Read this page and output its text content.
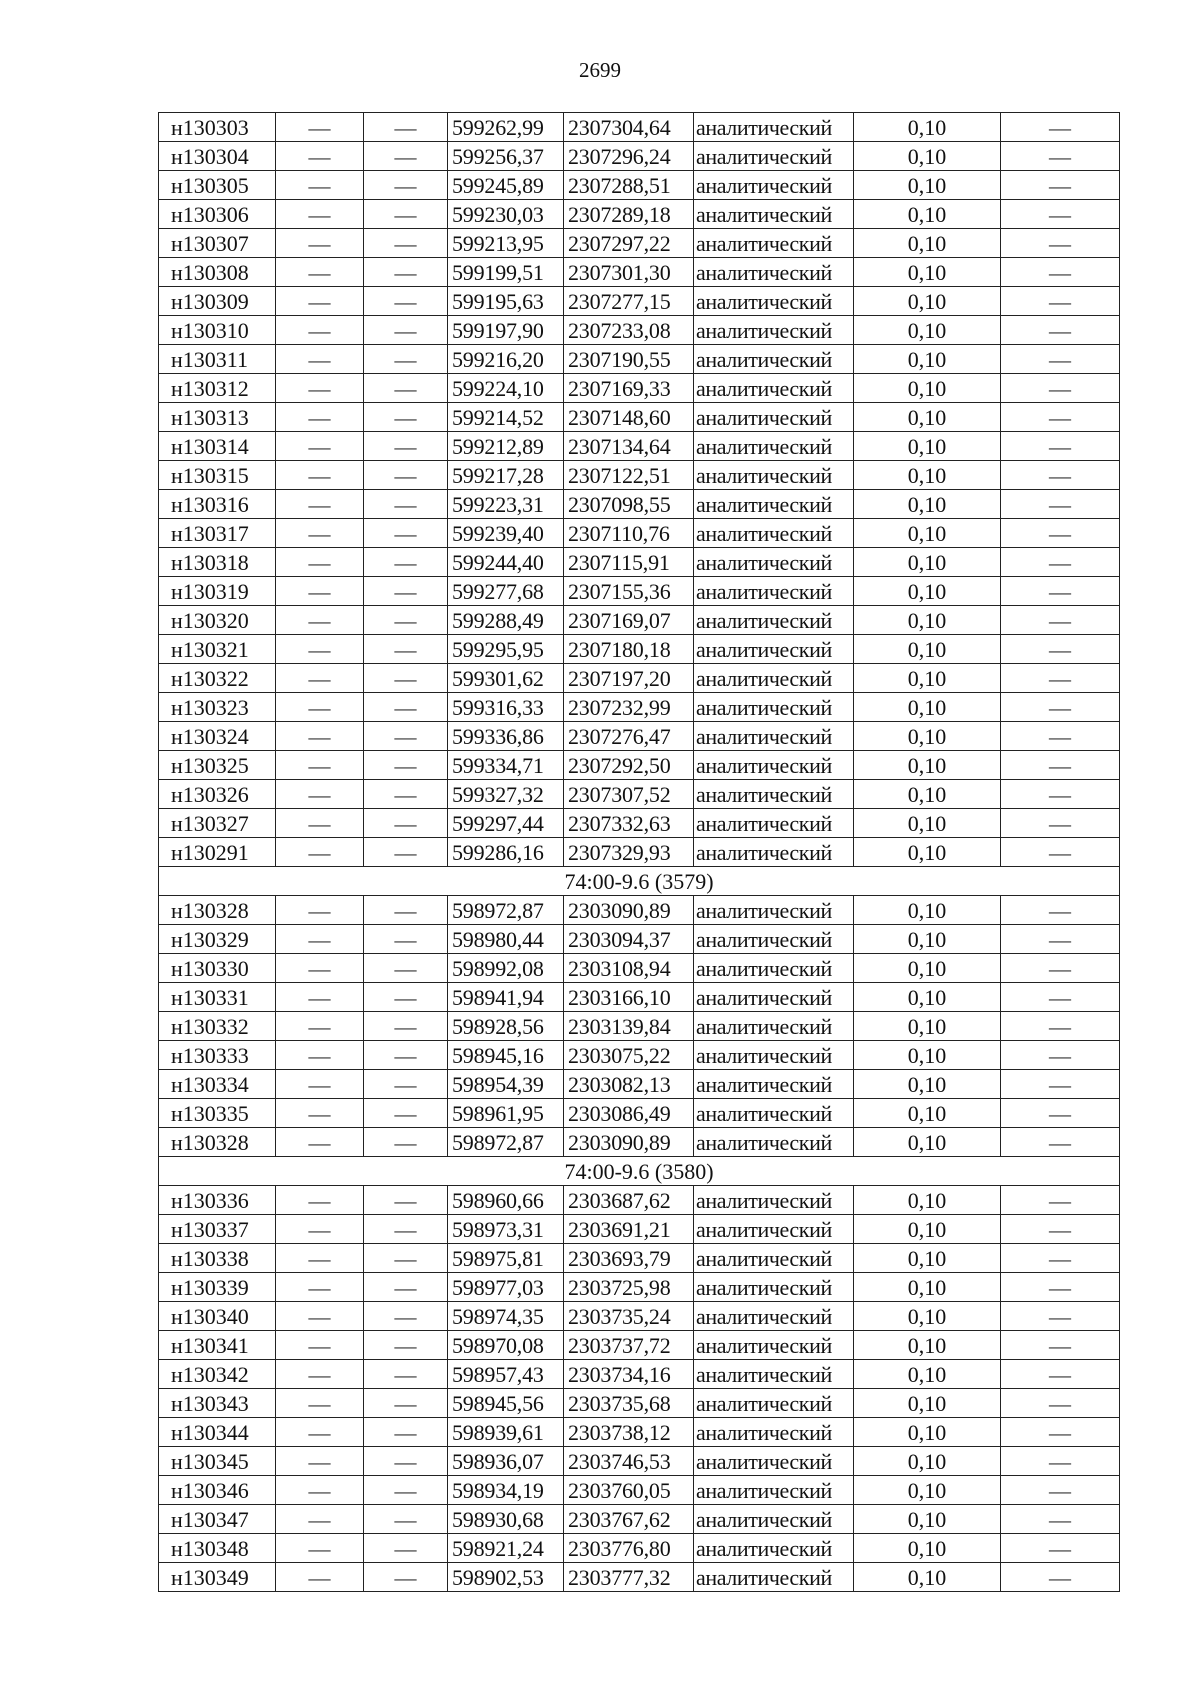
2699
н130303	—	—	599262,99	2307304,64	аналитический	0,10	—
н130304	—	—	599256,37	2307296,24	аналитический	0,10	—
н130305	—	—	599245,89	2307288,51	аналитический	0,10	—
н130306	—	—	599230,03	2307289,18	аналитический	0,10	—
н130307	—	—	599213,95	2307297,22	аналитический	0,10	—
н130308	—	—	599199,51	2307301,30	аналитический	0,10	—
н130309	—	—	599195,63	2307277,15	аналитический	0,10	—
н130310	—	—	599197,90	2307233,08	аналитический	0,10	—
н130311	—	—	599216,20	2307190,55	аналитический	0,10	—
н130312	—	—	599224,10	2307169,33	аналитический	0,10	—
н130313	—	—	599214,52	2307148,60	аналитический	0,10	—
н130314	—	—	599212,89	2307134,64	аналитический	0,10	—
н130315	—	—	599217,28	2307122,51	аналитический	0,10	—
н130316	—	—	599223,31	2307098,55	аналитический	0,10	—
н130317	—	—	599239,40	2307110,76	аналитический	0,10	—
н130318	—	—	599244,40	2307115,91	аналитический	0,10	—
н130319	—	—	599277,68	2307155,36	аналитический	0,10	—
н130320	—	—	599288,49	2307169,07	аналитический	0,10	—
н130321	—	—	599295,95	2307180,18	аналитический	0,10	—
н130322	—	—	599301,62	2307197,20	аналитический	0,10	—
н130323	—	—	599316,33	2307232,99	аналитический	0,10	—
н130324	—	—	599336,86	2307276,47	аналитический	0,10	—
н130325	—	—	599334,71	2307292,50	аналитический	0,10	—
н130326	—	—	599327,32	2307307,52	аналитический	0,10	—
н130327	—	—	599297,44	2307332,63	аналитический	0,10	—
н130291	—	—	599286,16	2307329,93	аналитический	0,10	—
74:00-9.6 (3579)							
н130328	—	—	598972,87	2303090,89	аналитический	0,10	—
н130329	—	—	598980,44	2303094,37	аналитический	0,10	—
н130330	—	—	598992,08	2303108,94	аналитический	0,10	—
н130331	—	—	598941,94	2303166,10	аналитический	0,10	—
н130332	—	—	598928,56	2303139,84	аналитический	0,10	—
н130333	—	—	598945,16	2303075,22	аналитический	0,10	—
н130334	—	—	598954,39	2303082,13	аналитический	0,10	—
н130335	—	—	598961,95	2303086,49	аналитический	0,10	—
н130328	—	—	598972,87	2303090,89	аналитический	0,10	—
74:00-9.6 (3580)							
н130336	—	—	598960,66	2303687,62	аналитический	0,10	—
н130337	—	—	598973,31	2303691,21	аналитический	0,10	—
н130338	—	—	598975,81	2303693,79	аналитический	0,10	—
н130339	—	—	598977,03	2303725,98	аналитический	0,10	—
н130340	—	—	598974,35	2303735,24	аналитический	0,10	—
н130341	—	—	598970,08	2303737,72	аналитический	0,10	—
н130342	—	—	598957,43	2303734,16	аналитический	0,10	—
н130343	—	—	598945,56	2303735,68	аналитический	0,10	—
н130344	—	—	598939,61	2303738,12	аналитический	0,10	—
н130345	—	—	598936,07	2303746,53	аналитический	0,10	—
н130346	—	—	598934,19	2303760,05	аналитический	0,10	—
н130347	—	—	598930,68	2303767,62	аналитический	0,10	—
н130348	—	—	598921,24	2303776,80	аналитический	0,10	—
н130349	—	—	598902,53	2303777,32	аналитический	0,10	—
